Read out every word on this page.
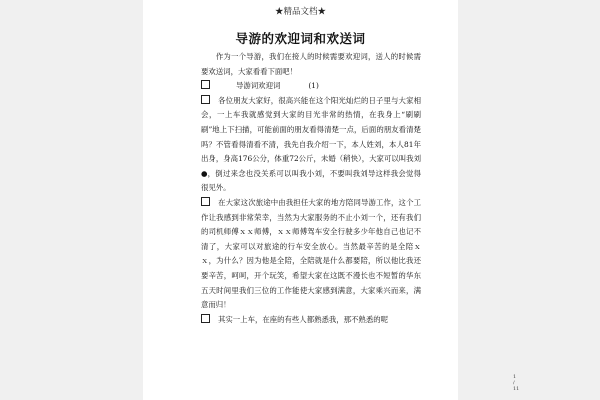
★精品文档★
导游的欢迎词和欢送词

作为一个导游，我们在接人的时候需要欢迎词，送人的时候需要欢送词，大家看看下面吧！

导游词欢迎词	(1)

各位朋友大家好，很高兴能在这个阳光灿烂的日子里与大家相会，一上车我就感觉到大家的目光非常的热情，在我身上“刷刷刷”地上下扫描，可能前面的朋友看得清楚一点，后面的朋友看清楚吗？不管看得清看不清，我先自我介绍一下，本人姓刘，本人81年出身，身高176公分，体重72公斤，未婚（稍快），大家可以叫我刘●，倒过来念也没关系可以叫我小刘，不要叫我刘导这样我会觉得很见外。

在大家这次旅途中由我担任大家的地方陪同导游工作，这个工作让我感到非常荣幸，当然为大家服务的不止小刘一个，还有我们的司机师傅ｘｘ师傅，ｘｘ师傅驾车安全行驶多少年他自己也记不清了，大家可以对旅途的行车安全放心。当然最辛苦的是全陪ｘｘ，为什么？因为他是全陪，全陪就是什么都要陪，所以他比我还要辛苦，呵呵，开个玩笑，希望大家在这既不漫长也不短暂的华东五天时间里我们三位的工作能使大家感到满意，大家乘兴而来，满意而归！

其实一上车，在座的有些人都熟悉我，那不熟悉的呢

1 / 11
